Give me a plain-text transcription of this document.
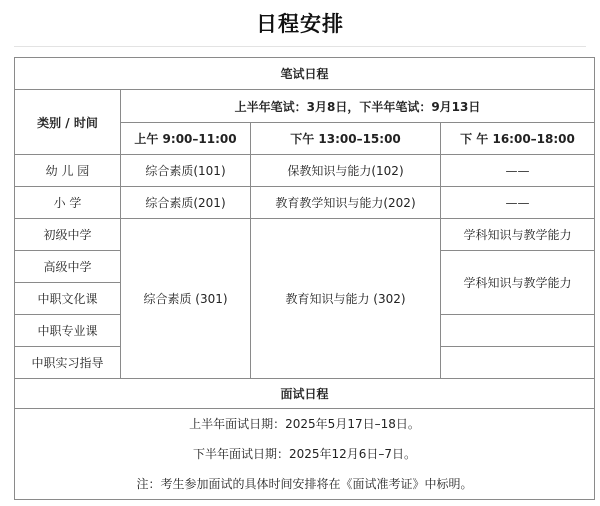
日程安排
笔试日程			
类别 / 时间	上半年笔试：3月8日，下半年笔试：9月13日		
	上午 9:00–11:00	下午 13:00–15:00	下 午 16:00–18:00
幼 儿 园	综合素质(101)	保教知识与能力(102)	——
小 学	综合素质(201)	教育教学知识与能力(202)	——
初级中学	综合素质 (301)	教育知识与能力 (302)	学科知识与教学能力
高级中学			学科知识与教学能力
中职文化课			
中职专业课			
中职实习指导			
面试日程			

上半年面试日期：2025年5月17日–18日。
下半年面试日期：2025年12月6日–7日。
注：考生参加面试的具体时间安排将在《面试准考证》中标明。			
